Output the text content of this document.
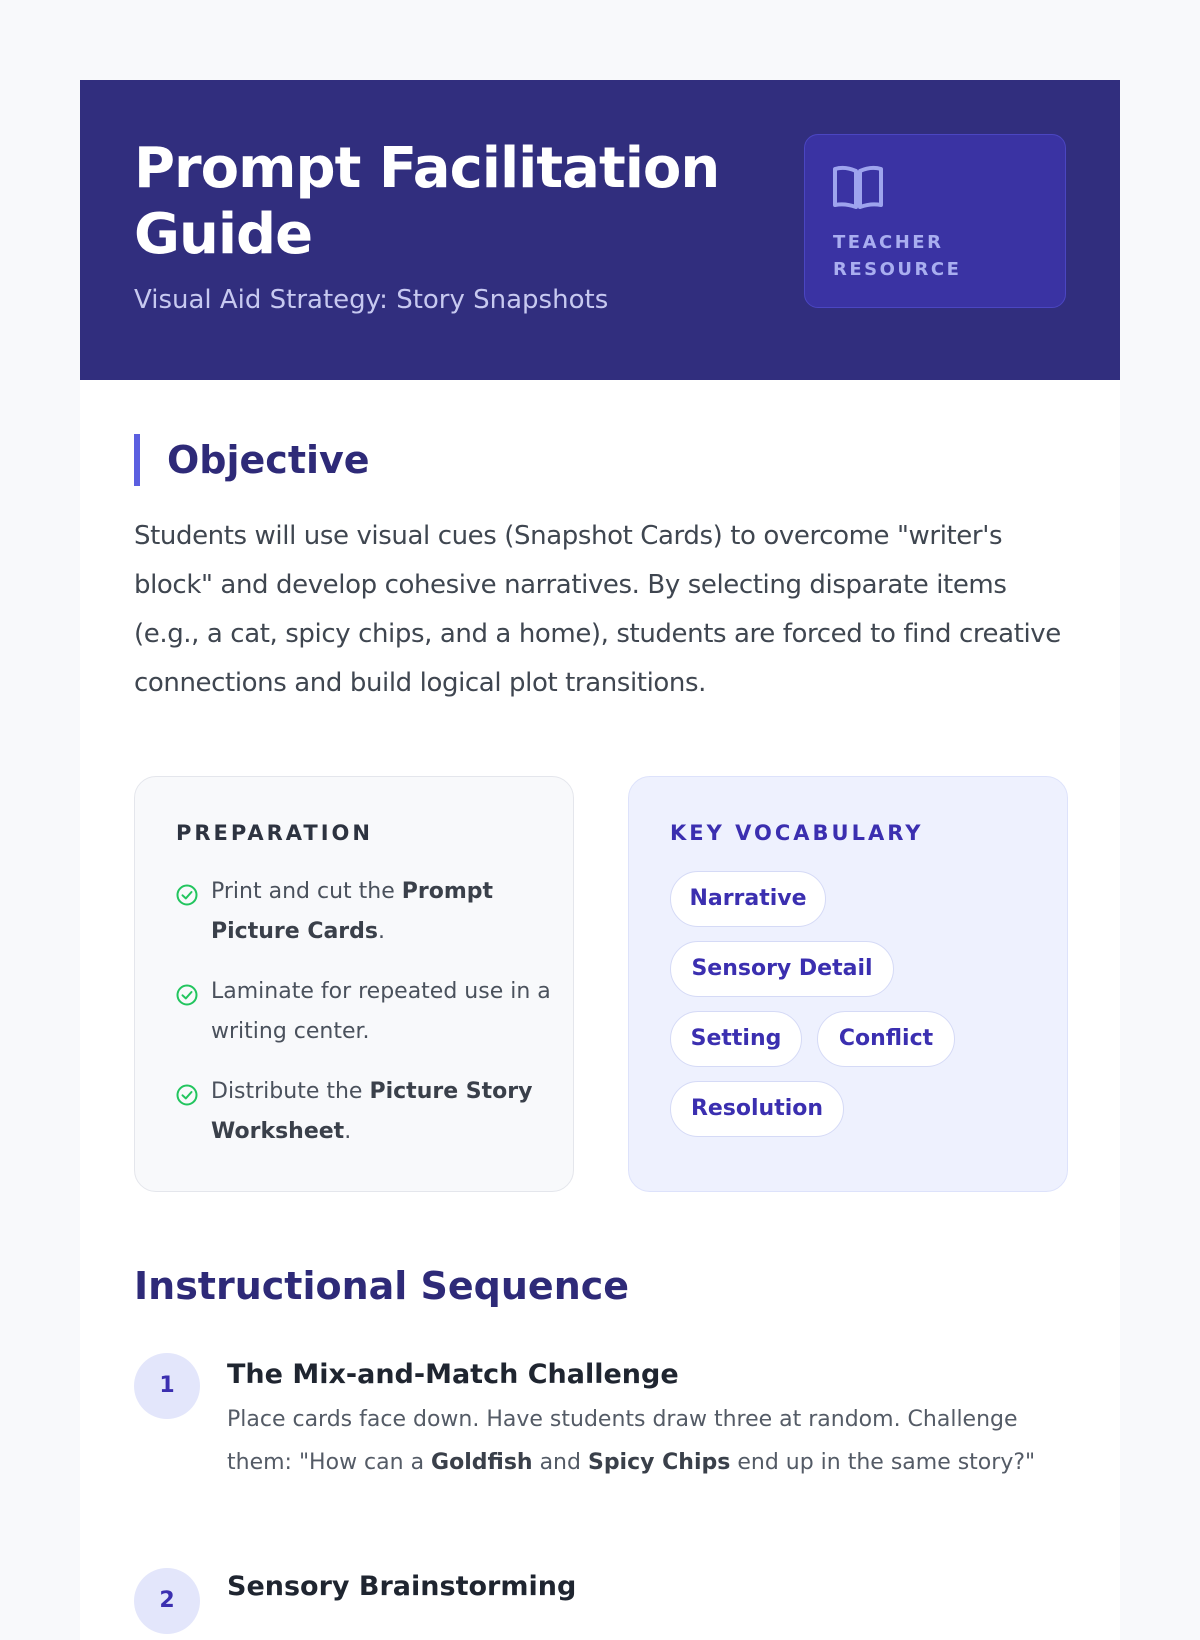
Prompt Facilitation Guide
Visual Aid Strategy: Story Snapshots
TEACHER RESOURCE
Objective

Students will use visual cues (Snapshot Cards) to overcome "writer's block" and develop cohesive narratives. By selecting disparate items (e.g., a cat, spicy chips, and a home), students are forced to find creative connections and build logical plot transitions.

PREPARATION
Print and cut the Prompt Picture Cards.
Laminate for repeated use in a writing center.
Distribute the Picture Story Worksheet.
KEY VOCABULARY
Narrative
Sensory Detail
Setting	Conflict
Resolution
Instructional Sequence
1	The Mix-and-Match Challenge

Place cards face down. Have students draw three at random. Challenge them: "How can a Goldfish and Spicy Chips end up in the same story?"

2	Sensory Brainstorming
